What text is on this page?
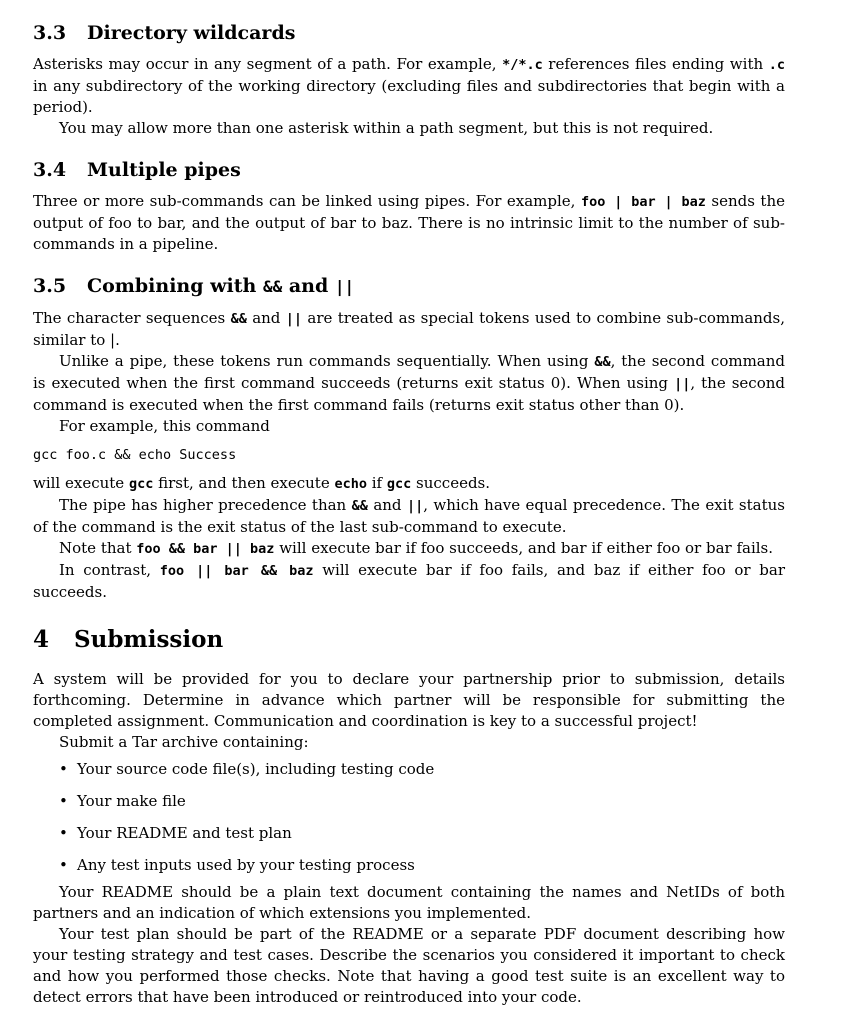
3.3 Directory wildcards

Asterisks may occur in any segment of a path. For example, */*.c references files ending with .c in any subdirectory of the working directory (excluding files and subdirectories that begin with a period).

You may allow more than one asterisk within a path segment, but this is not required.

3.4 Multiple pipes

Three or more sub-commands can be linked using pipes. For example, foo | bar | baz sends the output of foo to bar, and the output of bar to baz. There is no intrinsic limit to the number of sub-commands in a pipeline.

3.5 Combining with && and ||

The character sequences && and || are treated as special tokens used to combine sub-commands, similar to |.

Unlike a pipe, these tokens run commands sequentially. When using &&, the second command is executed when the first command succeeds (returns exit status 0). When using ||, the second command is executed when the first command fails (returns exit status other than 0).

For example, this command

gcc foo.c && echo Success

will execute gcc first, and then execute echo if gcc succeeds.

The pipe has higher precedence than && and ||, which have equal precedence. The exit status of the command is the exit status of the last sub-command to execute.

Note that foo && bar || baz will execute bar if foo succeeds, and bar if either foo or bar fails.

In contrast, foo || bar && baz will execute bar if foo fails, and baz if either foo or bar succeeds.

4 Submission

A system will be provided for you to declare your partnership prior to submission, details forthcoming. Determine in advance which partner will be responsible for submitting the completed assignment. Communication and coordination is key to a successful project!

Submit a Tar archive containing:

• Your source code file(s), including testing code
• Your make file
• Your README and test plan
• Any test inputs used by your testing process

Your README should be a plain text document containing the names and NetIDs of both partners and an indication of which extensions you implemented.

Your test plan should be part of the README or a separate PDF document describing how your testing strategy and test cases. Describe the scenarios you considered it important to check and how you performed those checks. Note that having a good test suite is an excellent way to detect errors that have been introduced or reintroduced into your code.
